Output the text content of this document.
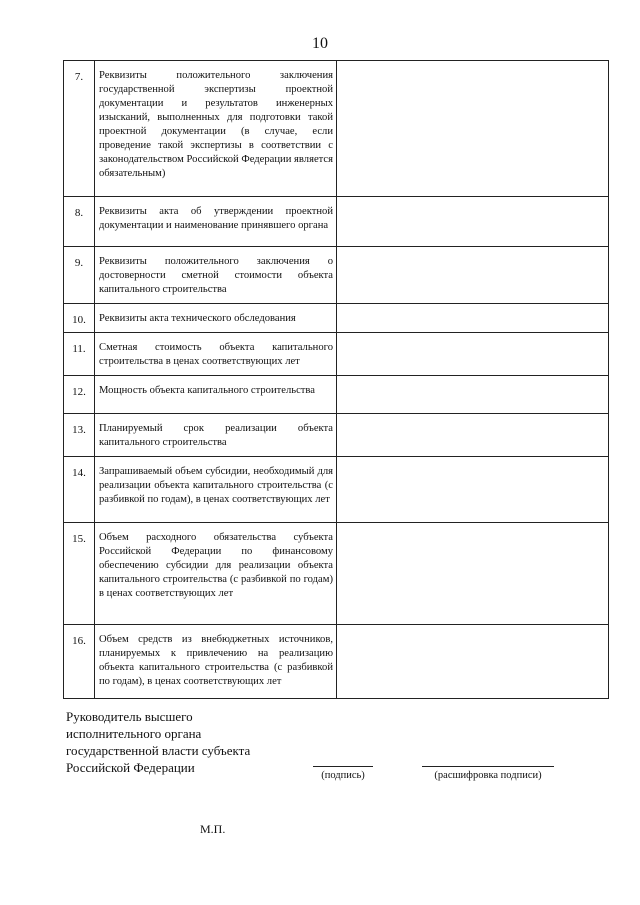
10
7.	Реквизиты положительного заключения государственной экспертизы проектной документации и результатов инженерных изысканий, выполненных для подготовки такой проектной документации (в случае, если проведение такой экспертизы в соответствии с законодательством Российской Федерации является обязательным)	
8.	Реквизиты акта об утверждении проектной документации и наименование принявшего органа	
9.	Реквизиты положительного заключения о достоверности сметной стоимости объекта капитального строительства	
10.	Реквизиты акта технического обследования	
11.	Сметная стоимость объекта капитального строительства в ценах соответствующих лет	
12.	Мощность объекта капитального строительства	
13.	Планируемый срок реализации объекта капитального строительства	
14.	Запрашиваемый объем субсидии, необходимый для реализации объекта капитального строительства (с разбивкой по годам), в ценах соответствующих лет	
15.	Объем расходного обязательства субъекта Российской Федерации по финансовому обеспечению субсидии для реализации объекта капитального строительства (с разбивкой по годам) в ценах соответствующих лет	
16.	Объем средств из внебюджетных источников, планируемых к привлечению на реализацию объекта капитального строительства (с разбивкой по годам), в ценах соответствующих лет	
Руководитель высшего
исполнительного органа
государственной власти субъекта
Российской Федерации
(подпись)	(расшифровка подписи)
М.П.
